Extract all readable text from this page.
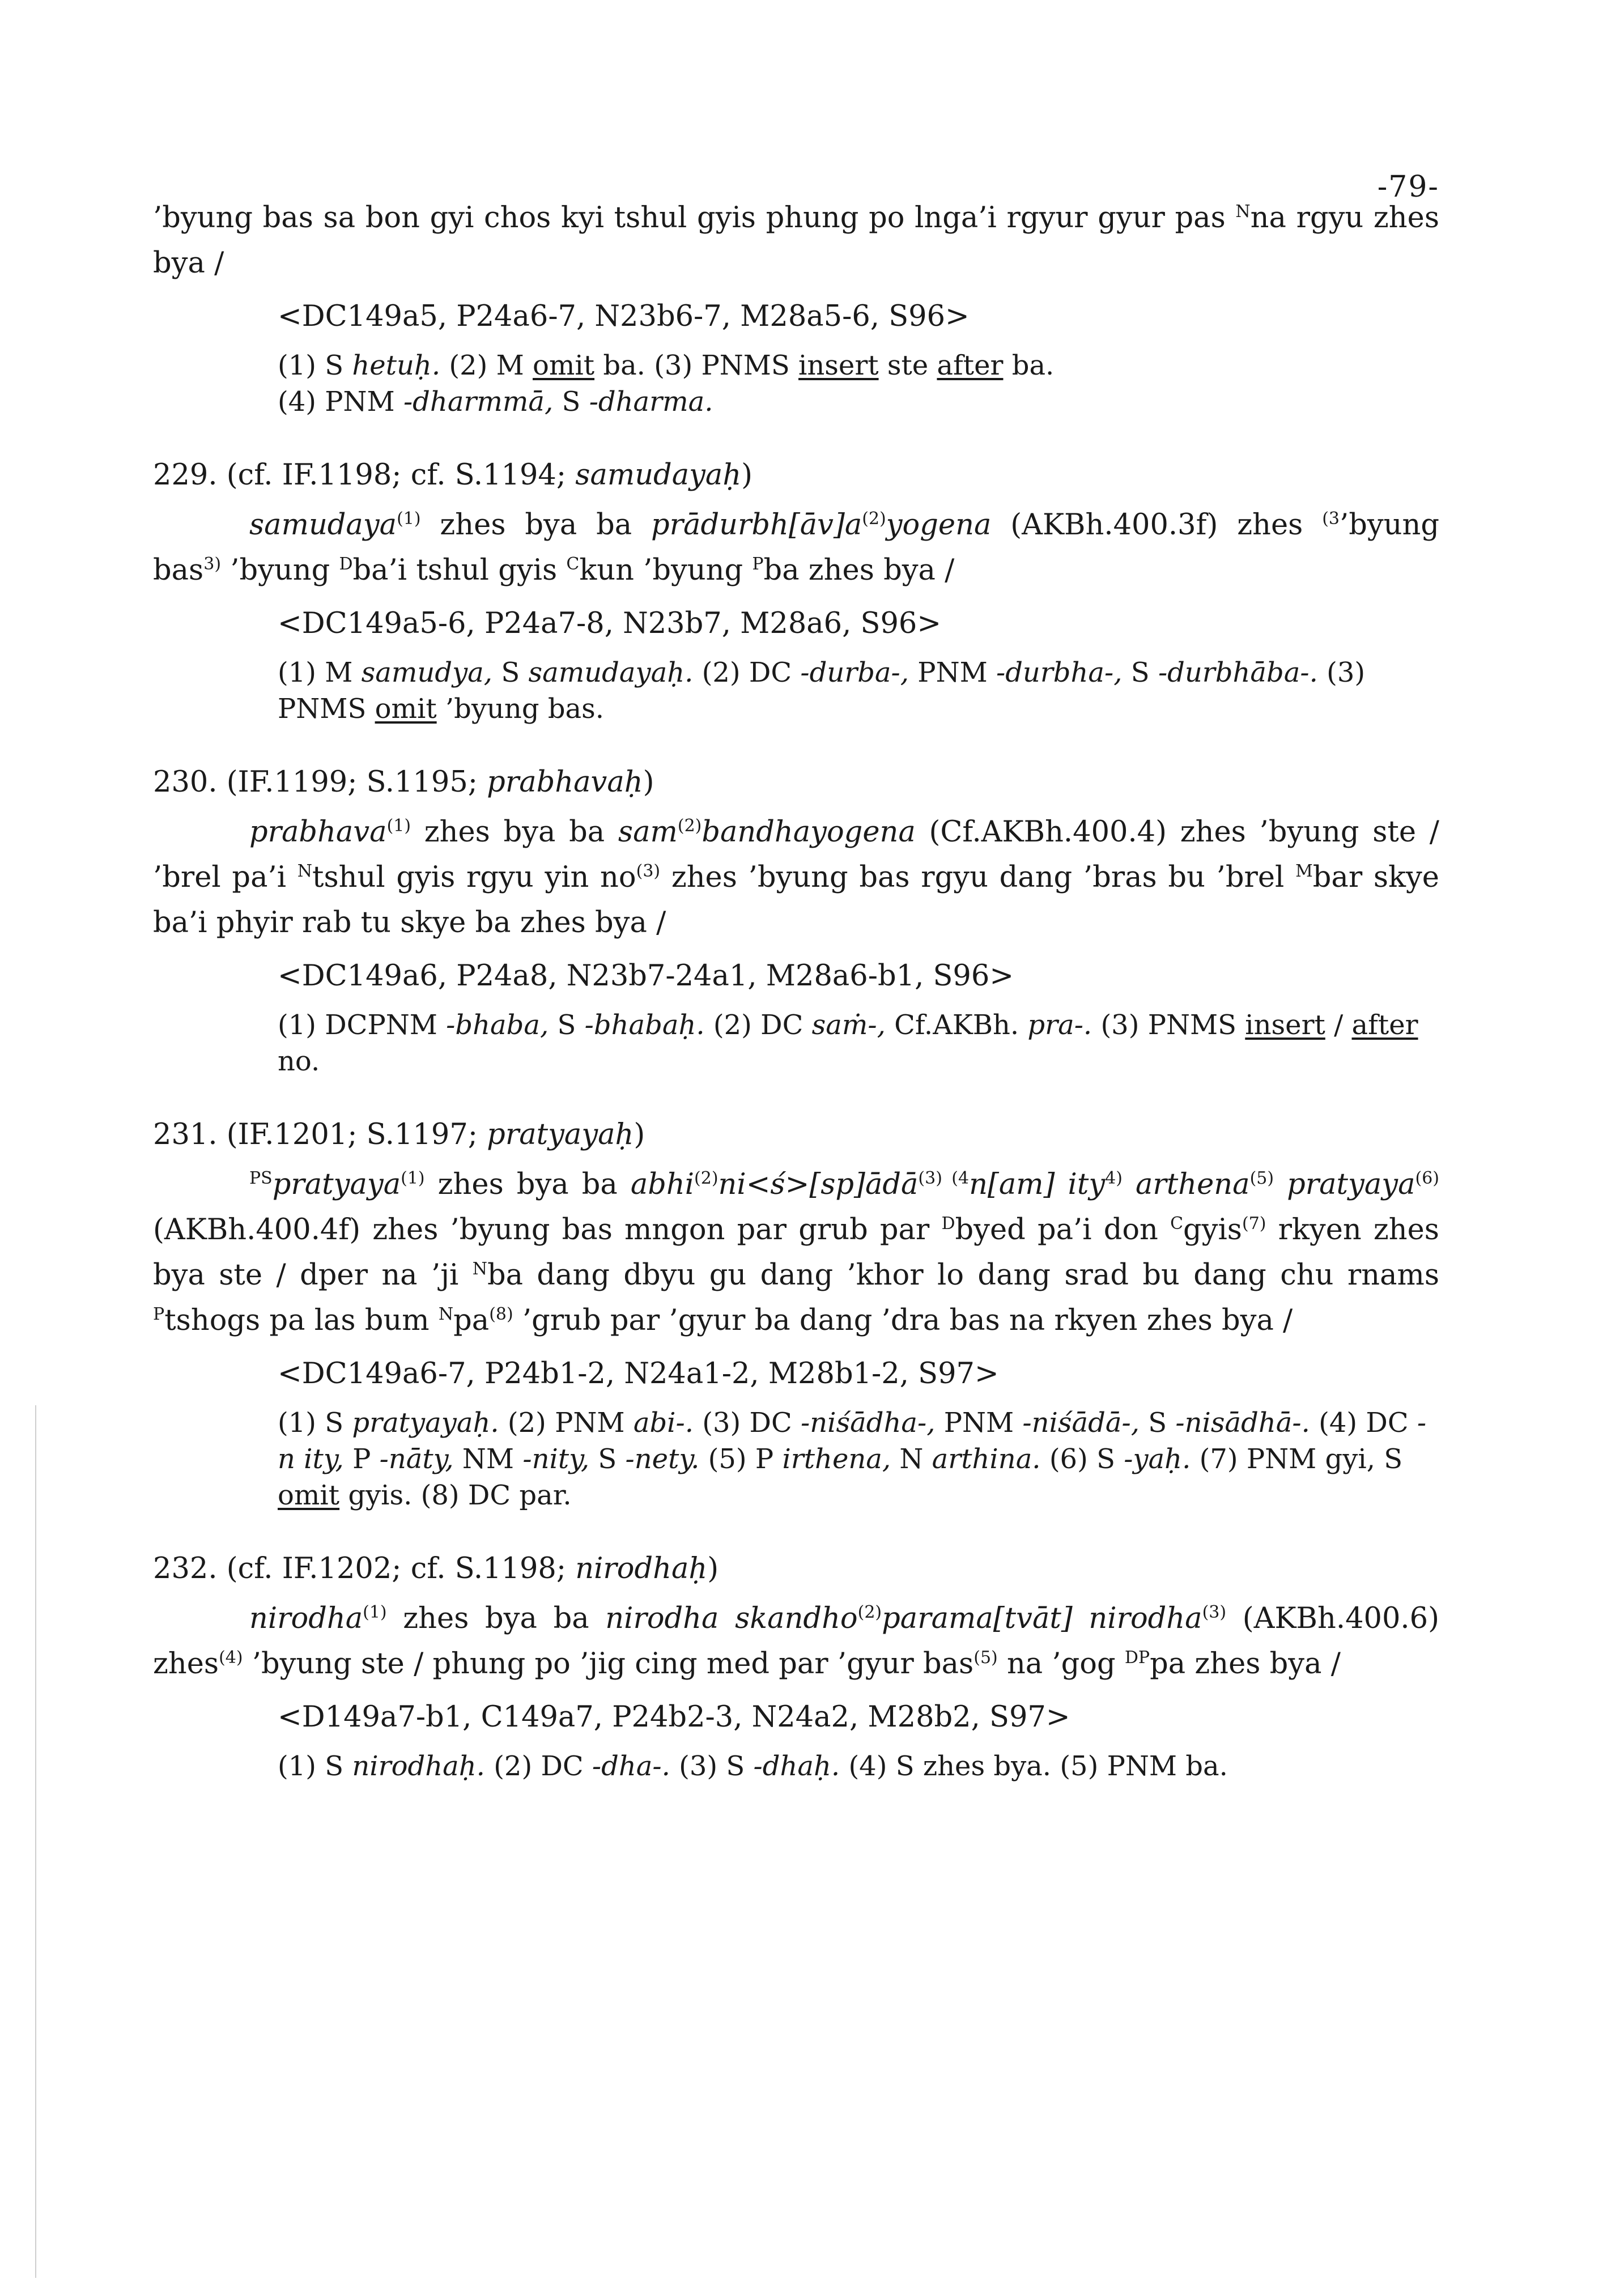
-79-

’byung bas sa bon gyi chos kyi tshul gyis phung po lnga’i rgyur gyur pas $^N$na rgyu zhes bya /

<DC149a5, P24a6-7, N23b6-7, M28a5-6, S96>
(1) S hetuḥ. (2) M omit ba. (3) PNMS insert ste after ba.
(4) PNM -dharmmā, S -dharma.
229. (cf. IF.1198; cf. S.1194; samudayaḥ)

samudaya$^{(1)}$ zhes bya ba $prādurbh[āv]a^{(2)}yogena$ (AKBh.400.3f) zhes $^{(3}$’byung bas$^{3)}$ ’byung $^D$ba’i tshul gyis $^C$kun ’byung $^P$ba zhes bya /

<DC149a5-6, P24a7-8, N23b7, M28a6, S96>
(1) M samudya, S samudayaḥ. (2) DC -durba-, PNM -durbha-, S -durbhāba-. (3) PNMS omit ’byung bas.
230. (IF.1199; S.1195; prabhavaḥ)

prabhava$^{(1)}$ zhes bya ba sam$^{(2)}$bandhayogena (Cf.AKBh.400.4) zhes ’byung ste / ’brel pa’i $^N$tshul gyis rgyu yin $no^{(3)}$ zhes ’byung bas rgyu dang ’bras bu ’brel $^M$bar skye ba’i phyir rab tu skye ba zhes bya /

<DC149a6, P24a8, N23b7-24a1, M28a6-b1, S96>
(1) DCPNM -bhaba, S -bhabaḥ. (2) DC saṁ-, Cf.AKBh. pra-. (3) PNMS insert / after no.
231. (IF.1201; S.1197; pratyayaḥ)

$^{PS}$pratyaya$^{(1)}$ zhes bya ba abhi$^{(2)}$ni<ś>[sp]ādā$^{(3)}$ $^{(4}$n[am] ity$^{4)}$ arthena$^{(5)}$ pratyaya$^{(6)}$ (AKBh.400.4f) zhes ’byung bas mngon par grub par $^D$byed pa’i don $^C$gyis$^{(7)}$ rkyen zhes bya ste / dper na ’ji $^N$ba dang dbyu gu dang ’khor lo dang srad bu dang chu rnams $^P$tshogs pa las bum $^Npa^{(8)}$ ’grub par ’gyur ba dang ’dra bas na rkyen zhes bya /

<DC149a6-7, P24b1-2, N24a1-2, M28b1-2, S97>
(1) S pratyayaḥ. (2) PNM abi-. (3) DC -niśādha-, PNM -niśādā-, S -nisādhā-. (4) DC -n ity, P -nāty, NM -nity, S -nety. (5) P irthena, N arthina. (6) S -yaḥ. (7) PNM gyi, S omit gyis. (8) DC par.
232. (cf. IF.1202; cf. S.1198; nirodhaḥ)

nirodha$^{(1)}$ zhes bya ba nirodha skandho$^{(2)}$parama[tvāt] nirodha$^{(3)}$ (AKBh.400.6) zhes$^{(4)}$ ’byung ste / phung po ’jig cing med par ’gyur bas$^{(5)}$ na ’gog $^{DP}$pa zhes bya /

<D149a7-b1, C149a7, P24b2-3, N24a2, M28b2, S97>
(1) S nirodhaḥ. (2) DC -dha-. (3) S -dhaḥ. (4) S zhes bya. (5) PNM ba.
